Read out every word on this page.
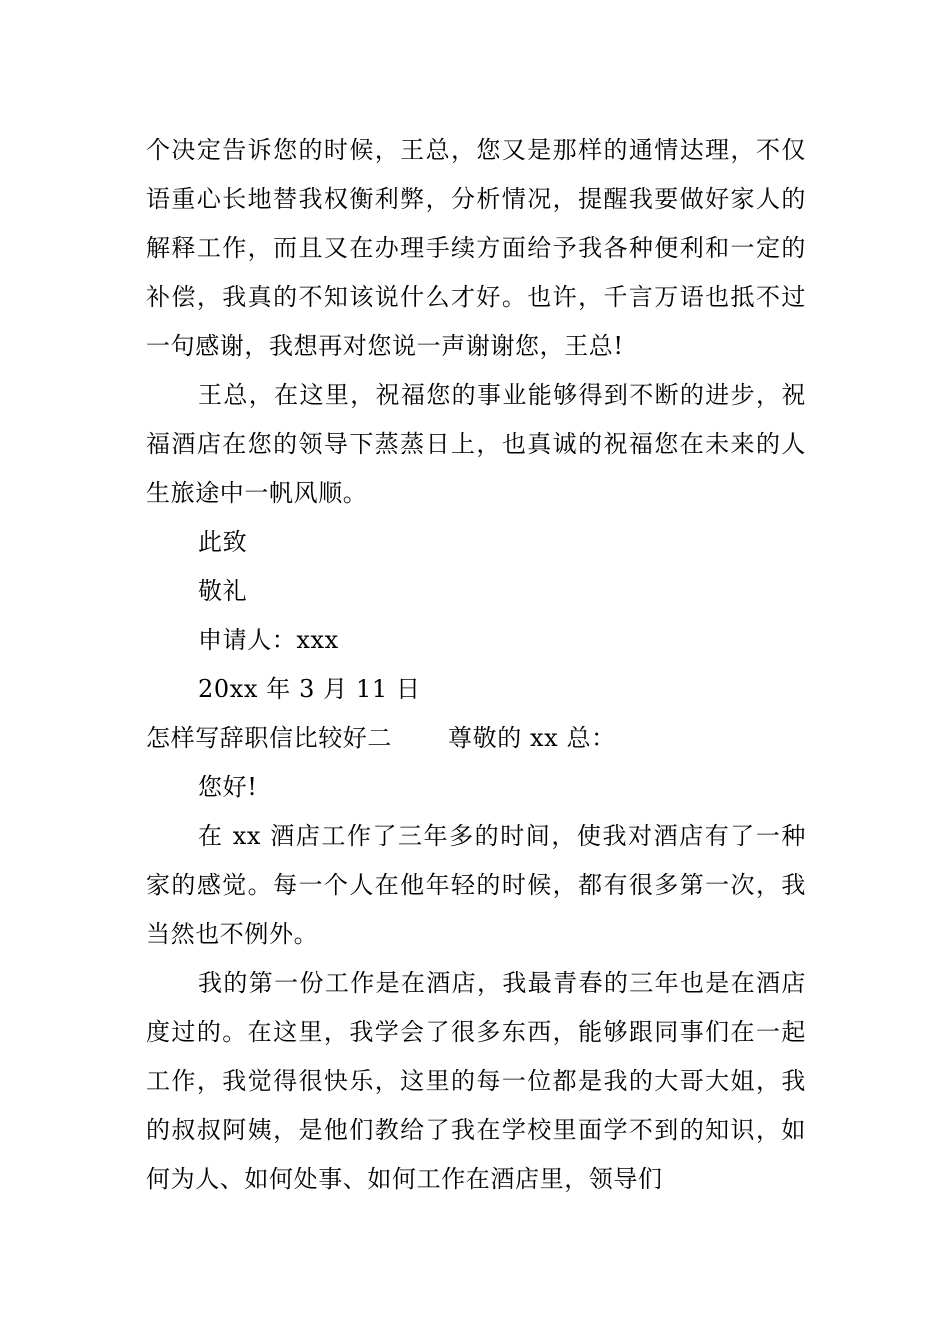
个决定告诉您的时候，王总，您又是那样的通情达理，不仅语重心长地替我权衡利弊，分析情况，提醒我要做好家人的解释工作，而且又在办理手续方面给予我各种便利和一定的补偿，我真的不知该说什么才好。也许，千言万语也抵不过一句感谢，我想再对您说一声谢谢您，王总!

王总，在这里，祝福您的事业能够得到不断的进步，祝福酒店在您的领导下蒸蒸日上，也真诚的祝福您在未来的人生旅途中一帆风顺。

此致

敬礼

申请人：xxx

20xx 年 3 月 11 日

怎样写辞职信比较好二 尊敬的 xx 总：

您好!

在 xx 酒店工作了三年多的时间，使我对酒店有了一种家的感觉。每一个人在他年轻的时候，都有很多第一次，我当然也不例外。

我的第一份工作是在酒店，我最青春的三年也是在酒店度过的。在这里，我学会了很多东西，能够跟同事们在一起工作，我觉得很快乐，这里的每一位都是我的大哥大姐，我的叔叔阿姨，是他们教给了我在学校里面学不到的知识，如何为人、如何处事、如何工作在酒店里，领导们
